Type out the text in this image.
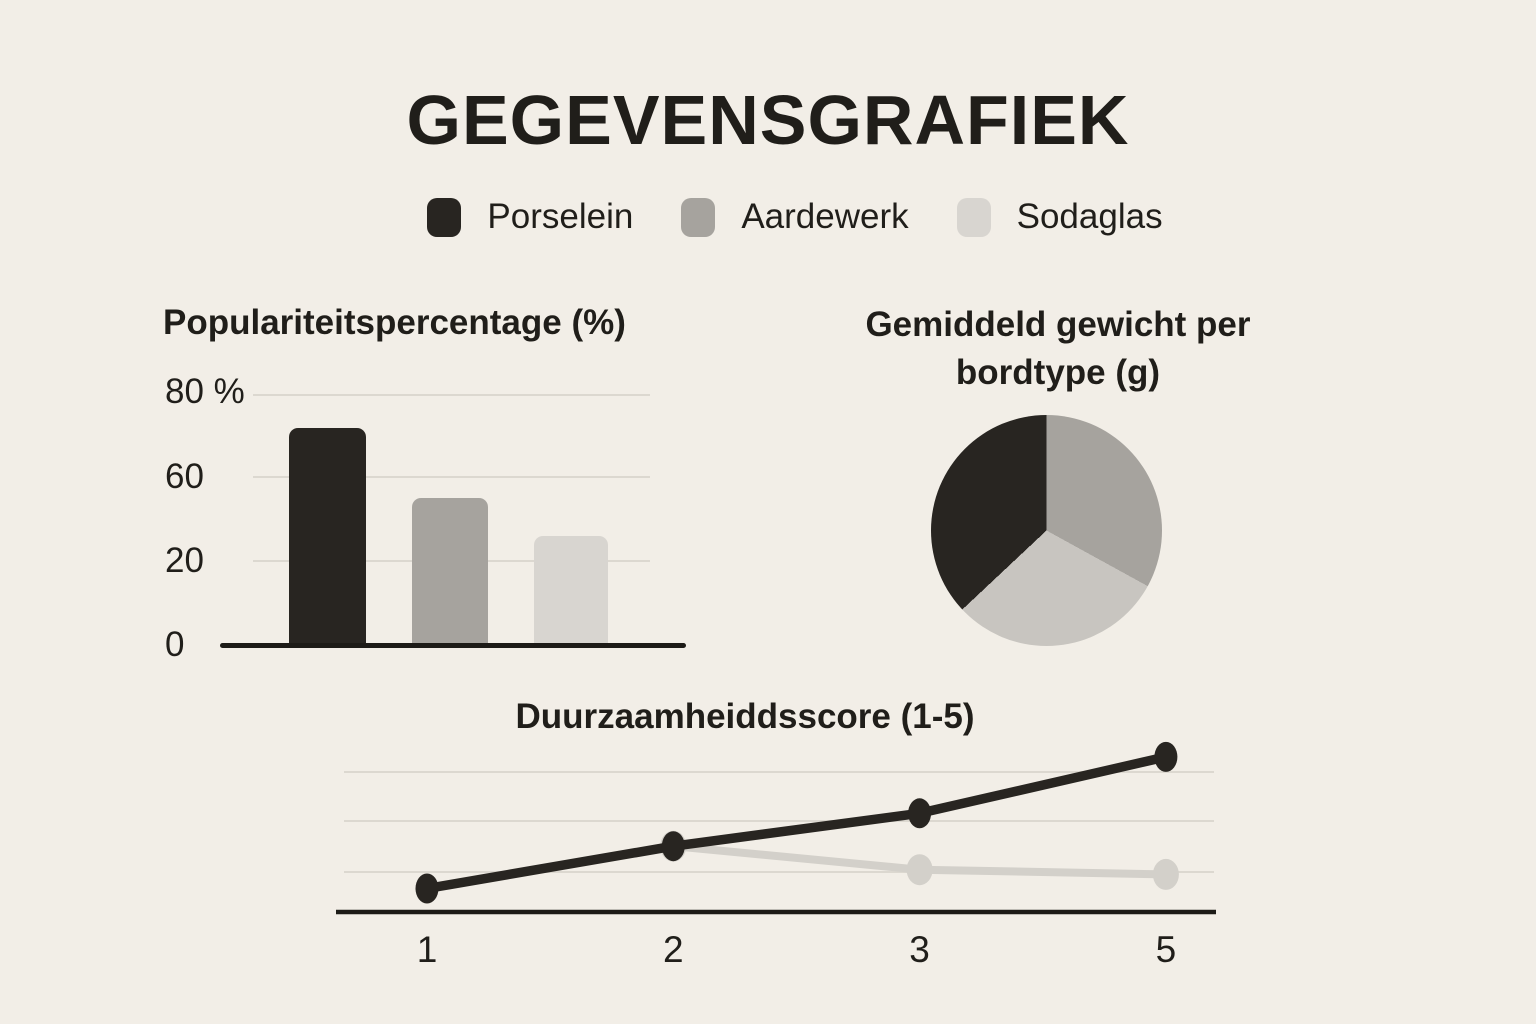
GEGEVENSGRAFIEK
Porselein	Aardewerk	Sodaglas
Populariteitspercentage (%)
80 %
60
20
0
Gemiddeld gewicht per
bordtype (g)
Duurzaamheiddsscore (1-5)
1	2	3	5
